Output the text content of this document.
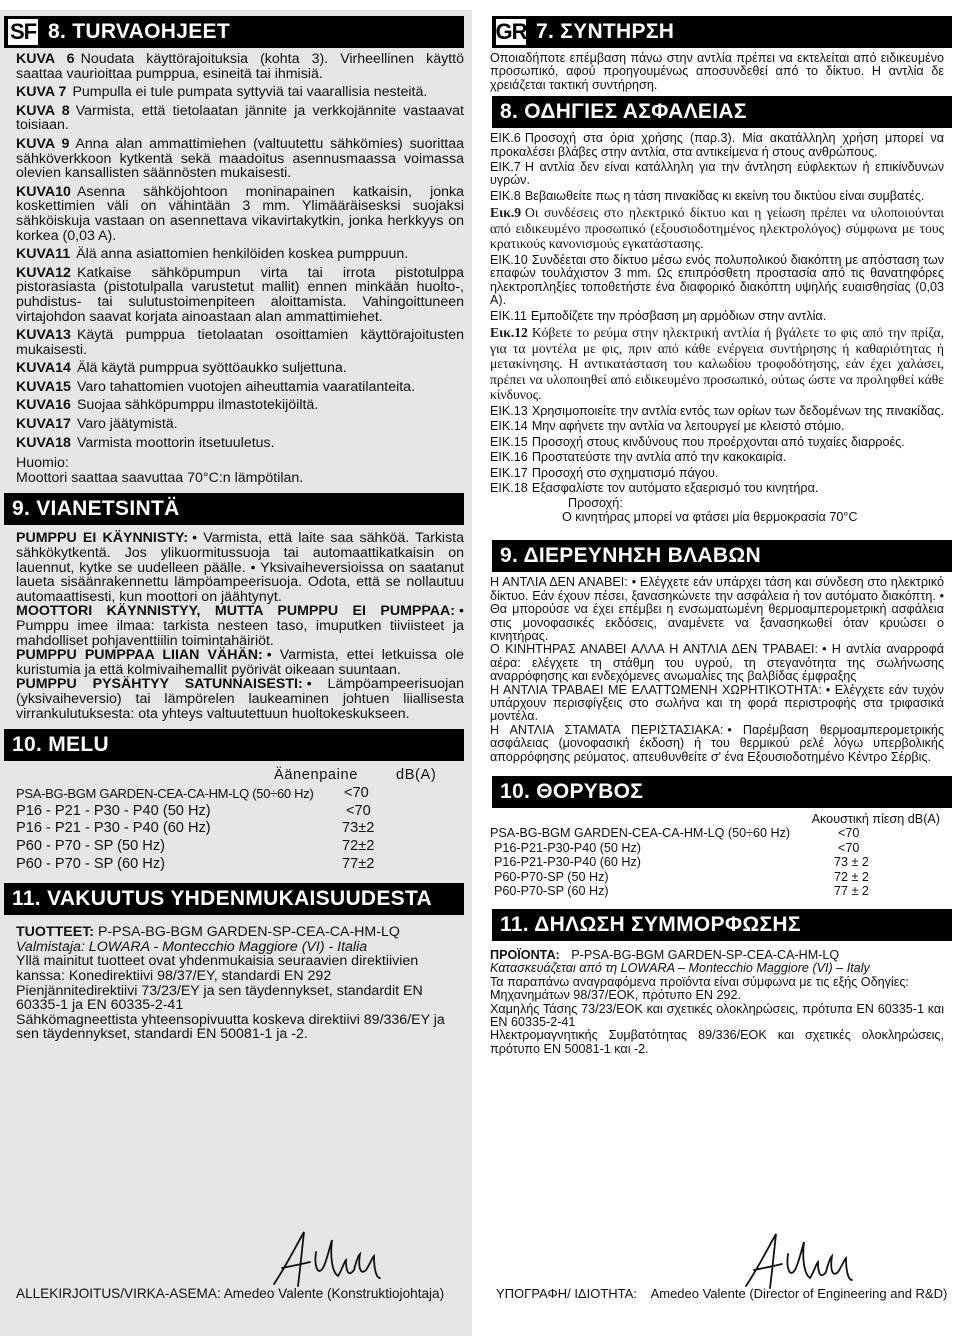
SF 8. TURVAOHJEET
KUVA 6 Noudata käyttörajoituksia (kohta 3). Virheellinen käyttö saattaa vaurioittaa pumppua, esineitä tai ihmisiä.
KUVA 7 Pumpulla ei tule pumpata syttyviä tai vaarallisia nesteitä.
KUVA 8 Varmista, että tietolaatan jännite ja verkkojännite vastaavat toisiaan.
KUVA 9 Anna alan ammattimiehen (valtuutettu sähkömies) suorittaa sähköverkkoon kytkentä sekä maadoitus asennusmaassa voimassa olevien kansallisten säännösten mukaisesti.
KUVA10 Asenna sähköjohtoon moninapainen katkaisin, jonka koskettimien väli on vähintään 3 mm. Ylimääräisesksi suojaksi sähköiskuja vastaan on asennettava vikavirtakytkin, jonka herkkyys on korkea (0,03 A).
KUVA11 Älä anna asiattomien henkilöiden koskea pumppuun.
KUVA12 Katkaise sähköpumpun virta tai irrota pistotulppa pistorasiasta (pistotulpalla varustetut mallit) ennen minkään huolto-, puhdistus- tai sulutustoimenpiteen aloittamista. Vahingoittuneen virtajohdon saavat korjata ainoastaan alan ammattimiehet.
KUVA13 Käytä pumppua tietolaatan osoittamien käyttörajoitusten mukaisesti.
KUVA14 Älä käytä pumppua syöttöaukko suljettuna.
KUVA15 Varo tahattomien vuotojen aiheuttamia vaaratilanteita.
KUVA16 Suojaa sähköpumppu ilmastotekijöiltä.
KUVA17 Varo jäätymistä.
KUVA18 Varmista moottorin itsetuuletus.
Huomio:
Moottori saattaa saavuttaa 70°C:n lämpötilan.
9. VIANETSINTÄ
PUMPPU EI KÄYNNISTY: • Varmista, että laite saa sähköä. Tarkista sähkökytkentä. Jos ylikuormitussuoja tai automaattikatkaisin on lauennut, kytke se uudelleen päälle. • Yksivaiheversioissa on saatanut laueta sisäänrakennettu lämpöampeerisuoja. Odota, että se nollautuu automaattisesti, kun moottori on jäähtynyt.
MOOTTORI KÄYNNISTYY, MUTTA PUMPPU EI PUMPPAA: • Pumppu imee ilmaa: tarkista nesteen taso, imuputken tiiviisteet ja mahdolliset pohjaventtiilin toimintahäiriöt.
PUMPPU PUMPPAA LIIAN VÄHÄN: • Varmista, ettei letkuissa ole kuristumia ja että kolmivaihemallit pyörivät oikeaan suuntaan.
PUMPPU PYSÄHTYY SATUNNAISESTI: • Lämpöampeerisuojan (yksivaiheversio) tai lämpörelen laukeaminen johtuen liiallisesta virrankulutuksesta: ota yhteys valtuutettuun huoltokeskukseen.
10. MELU
Äänenpaine	dB(A)
PSA-BG-BGM GARDEN-CEA-CA-HM-LQ (50÷60 Hz) <70
P16 - P21 - P30 - P40 (50 Hz)	<70
P16 - P21 - P30 - P40 (60 Hz)	73±2
P60 - P70 - SP (50 Hz)	72±2
P60 - P70 - SP (60 Hz)	77±2
11. VAKUUTUS YHDENMUKAISUUDESTA
TUOTTEET: P-PSA-BG-BGM GARDEN-SP-CEA-CA-HM-LQ
Valmistaja: LOWARA - Montecchio Maggiore (VI) - Italia
Yllä mainitut tuotteet ovat yhdenmukaisia seuraavien direktiivien kanssa: Konedirektiivi 98/37/EY, standardi EN 292
Pienjännitedirektiivi 73/23/EY ja sen täydennykset, standardit EN 60335-1 ja EN 60335-2-41
Sähkömagneettista yhteensopivuutta koskeva direktiivi 89/336/EY ja sen täydennykset, standardi EN 50081-1 ja -2.
ALLEKIRJOITUS/VIRKA-ASEMA: Amedeo Valente (Konstruktiojohtaja)
GR 7. ΣΥΝΤΗΡΣΗ
Οποιαδήποτε επέμβαση πάνω στην αντλία πρέπει να εκτελείται από ειδικευμένο προσωπικό, αφού προηγουμένως αποσυνδεθεί από το δίκτυο. Η αντλία δε χρειάζεται τακτική συντήρηση.
8. ΟΔΗΓΙΕΣ ΑΣΦΑΛΕΙΑΣ
ΕΙΚ.6 Προσοχή στα όρια χρήσης (παρ.3). Μία ακατάλληλη χρήση μπορεί να προκαλέσει βλάβες στην αντλία, στα αντικείμενα ή στους ανθρώπους.
ΕΙΚ.7 Η αντλία δεν είναι κατάλληλη για την άντληση εύφλεκτων ή επικίνδυνων υγρών.
ΕΙΚ.8 Βεβαιωθείτε πως η τάση πινακίδας κι εκείνη του δικτύου είναι συμβατές.
Εικ.9 Οι συνδέσεις στο ηλεκτρικό δίκτυο και η γείωση πρέπει να υλοποιούνται από ειδικευμένο προσωπικό (εξουσιοδοτημένος ηλεκτρολόγος) σύμφωνα με τους κρατικούς κανονισμούς εγκατάστασης.
ΕΙΚ.10 Συνδέεται στο δίκτυο μέσω ενός πολυπολικού διακόπτη με απόσταση των επαφών τουλάχιστον 3 mm. Ως επιπρόσθετη προστασία από τις θανατηφόρες ηλεκτροπληξίες τοποθετήστε ένα διαφορικό διακόπτη υψηλής ευαισθησίας (0,03 A).
ΕΙΚ.11 Εμποδίζετε την πρόσβαση μη αρμόδιων στην αντλία.
Εικ.12 Κόβετε το ρεύμα στην ηλεκτρική αντλία ή βγάλετε το φις από την πρίζα, για τα μοντέλα με φις, πριν από κάθε ενέργεια συντήρησης ή καθαριότητας ή μετακίνησης. Η αντικατάσταση του καλωδίου τροφοδότησης, εάν έχει χαλάσει, πρέπει να υλοποιηθεί από ειδικευμένο προσωπικό, ούτως ώστε να προληφθεί κάθε κίνδυνος.
ΕΙΚ.13 Χρησιμοποιείτε την αντλία εντός των ορίων των δεδομένων της πινακίδας.
ΕΙΚ.14 Μην αφήνετε την αντλία να λειτουργεί με κλειστό στόμιο.
ΕΙΚ.15 Προσοχή στους κινδύνους που προέρχονται από τυχαίες διαρροές.
ΕΙΚ.16 Προστατεύστε την αντλία από την κακοκαιρία.
ΕΙΚ.17 Προσοχή στο σχηματισμό πάγου.
ΕΙΚ.18 Εξασφαλίστε τον αυτόματο εξαερισμό του κινητήρα.
Προσοχή:
Ο κινητήρας μπορεί να φτάσει μία θερμοκρασία 70°C
9. ΔΙΕΡΕΥΝΗΣΗ ΒΛΑΒΩΝ
Η ΑΝΤΛΙΑ ΔΕΝ ΑΝΑΒΕΙ: • Ελέγχετε εάν υπάρχει τάση και σύνδεση στο ηλεκτρικό δίκτυο. Εάν έχουν πέσει, ξανασηκώνετε την ασφάλεια ή τον αυτόματο διακόπτη. • Θα μπορούσε να έχει επέμβει η ενσωματωμένη θερμοαμπερομετρική ασφάλεια στις μονοφασικές εκδόσεις, αναμένετε να ξανασηκωθεί όταν κρυώσει ο κινητήρας.
Ο ΚΙΝΗΤΗΡΑΣ ΑΝΑΒΕΙ ΑΛΛΑ Η ΑΝΤΛΙΑ ΔΕΝ ΤΡΑΒΑΕΙ: • Η αντλία αναρροφά αέρα: ελέγχετε τη στάθμη του υγρού, τη στεγανότητα της σωλήνωσης αναρρόφησης και ενδεχόμενες ανωμαλίες της βαλβίδας έμφραξης
Η ΑΝΤΛΙΑ ΤΡΑΒΑΕΙ ΜΕ ΕΛΑΤΤΩΜΕΝΗ ΧΩΡΗΤΙΚΟΤΗΤΑ: • Ελέγχετε εάν τυχόν υπάρχουν περισφίγξεις στο σωλήνα και τη φορά περιστροφής στα τριφασικά μοντέλα.
Η ΑΝΤΛΙΑ ΣΤΑΜΑΤΑ ΠΕΡΙΣΤΑΣΙΑΚΑ: • Παρέμβαση θερμοαμπερομετρικής ασφάλειας (μονοφασική έκδοση) ή του θερμικού ρελέ λόγω υπερβολικής απορρόφησης ρεύματος. απευθυνθείτε σ' ένα Εξουσιοδοτημένο Κέντρο Σέρβις.
10. ΘΟΡΥΒΟΣ
Ακουστική πίεση dB(A)
PSA-BG-BGM GARDEN-CEA-CA-HM-LQ (50÷60 Hz)	<70
P16-P21-P30-P40 (50 Hz)	<70
P16-P21-P30-P40 (60 Hz)	73 ± 2
P60-P70-SP (50 Hz)	72 ± 2
P60-P70-SP (60 Hz)	77 ± 2
11. ΔΗΛΩΣΗ ΣΥΜΜΟΡΦΩΣΗΣ
ΠΡΟΪΟΝΤΑ: P-PSA-BG-BGM GARDEN-SP-CEA-CA-HM-LQ
Κατασκευάζεται από τη LOWARA – Montecchio Maggiore (VI) – Italy
Τα παραπάνω αναγραφόμενα προϊόντα είναι σύμφωνα με τις εξής Οδηγίες:
Μηχανημάτων 98/37/ΕΟΚ, πρότυπο EN 292.
Χαμηλής Τάσης 73/23/ΕΟΚ και σχετικές ολοκληρώσεις, πρότυπα EN 60335-1 και EN 60335-2-41
Ηλεκτρομαγνητικής Συμβατότητας 89/336/ΕΟΚ και σχετικές ολοκληρώσεις, πρότυπο EN 50081-1 και -2.
ΥΠΟΓΡΑΦΗ/ ΙΔΙΟΤΗΤΑ: Amedeo Valente (Director of Engineering and R&D)
